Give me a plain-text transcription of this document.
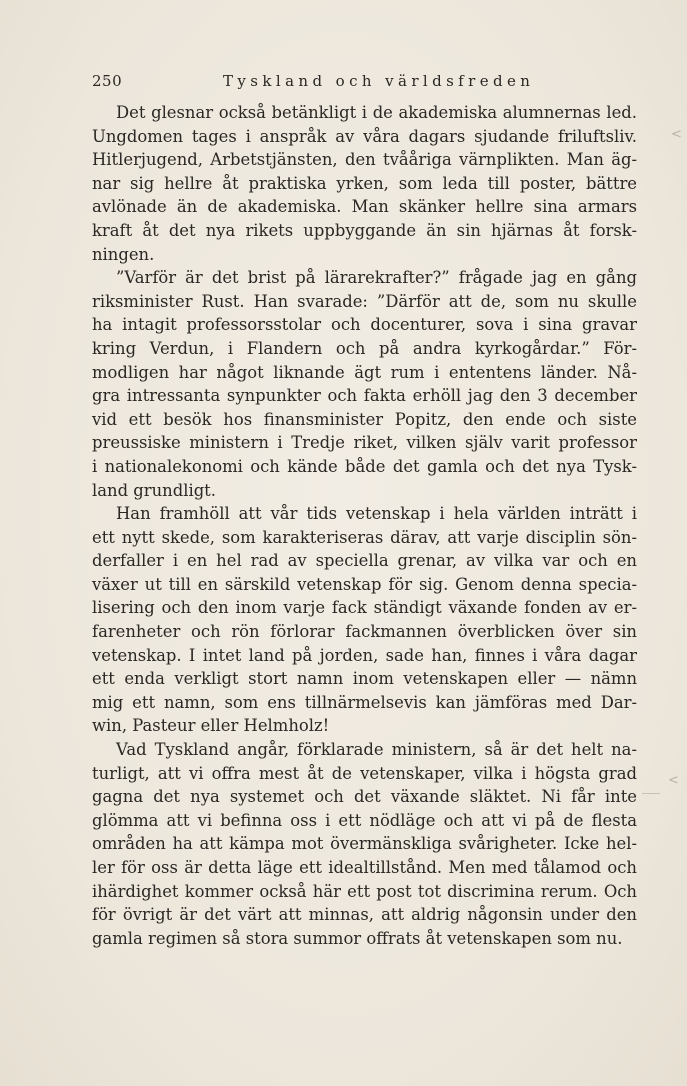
<
<
250	Tyskland och världsfreden
Det glesnar också betänkligt i de akademiska alumnernas led.
Ungdomen tages i anspråk av våra dagars sjudande friluftsliv.
Hitlerjugend, Arbetstjänsten, den tvååriga värnplikten. Man äg-
nar sig hellre åt praktiska yrken, som leda till poster, bättre
avlönade än de akademiska. Man skänker hellre sina armars
kraft åt det nya rikets uppbyggande än sin hjärnas åt forsk-
ningen.
”Varför är det brist på lärarekrafter?” frågade jag en gång
riksminister Rust. Han svarade: ”Därför att de, som nu skulle
ha intagit professorsstolar och docenturer, sova i sina gravar
kring Verdun, i Flandern och på andra kyrkogårdar.” För-
modligen har något liknande ägt rum i ententens länder. Nå-
gra intressanta synpunkter och fakta erhöll jag den 3 december
vid ett besök hos finansminister Popitz, den ende och siste
preussiske ministern i Tredje riket, vilken själv varit professor
i nationalekonomi och kände både det gamla och det nya Tysk-
land grundligt.
Han framhöll att vår tids vetenskap i hela världen inträtt i
ett nytt skede, som karakteriseras därav, att varje disciplin sön-
derfaller i en hel rad av speciella grenar, av vilka var och en
växer ut till en särskild vetenskap för sig. Genom denna specia-
lisering och den inom varje fack ständigt växande fonden av er-
farenheter och rön förlorar fackmannen överblicken över sin
vetenskap. I intet land på jorden, sade han, finnes i våra dagar
ett enda verkligt stort namn inom vetenskapen eller — nämn
mig ett namn, som ens tillnärmelsevis kan jämföras med Dar-
win, Pasteur eller Helmholz!
Vad Tyskland angår, förklarade ministern, så är det helt na-
turligt, att vi offra mest åt de vetenskaper, vilka i högsta grad
gagna det nya systemet och det växande släktet. Ni får inte
glömma att vi befinna oss i ett nödläge och att vi på de flesta
områden ha att kämpa mot övermänskliga svårigheter. Icke hel-
ler för oss är detta läge ett idealtillstånd. Men med tålamod och
ihärdighet kommer också här ett post tot discrimina rerum. Och
för övrigt är det värt att minnas, att aldrig någonsin under den
gamla regimen så stora summor offrats åt vetenskapen som nu.
